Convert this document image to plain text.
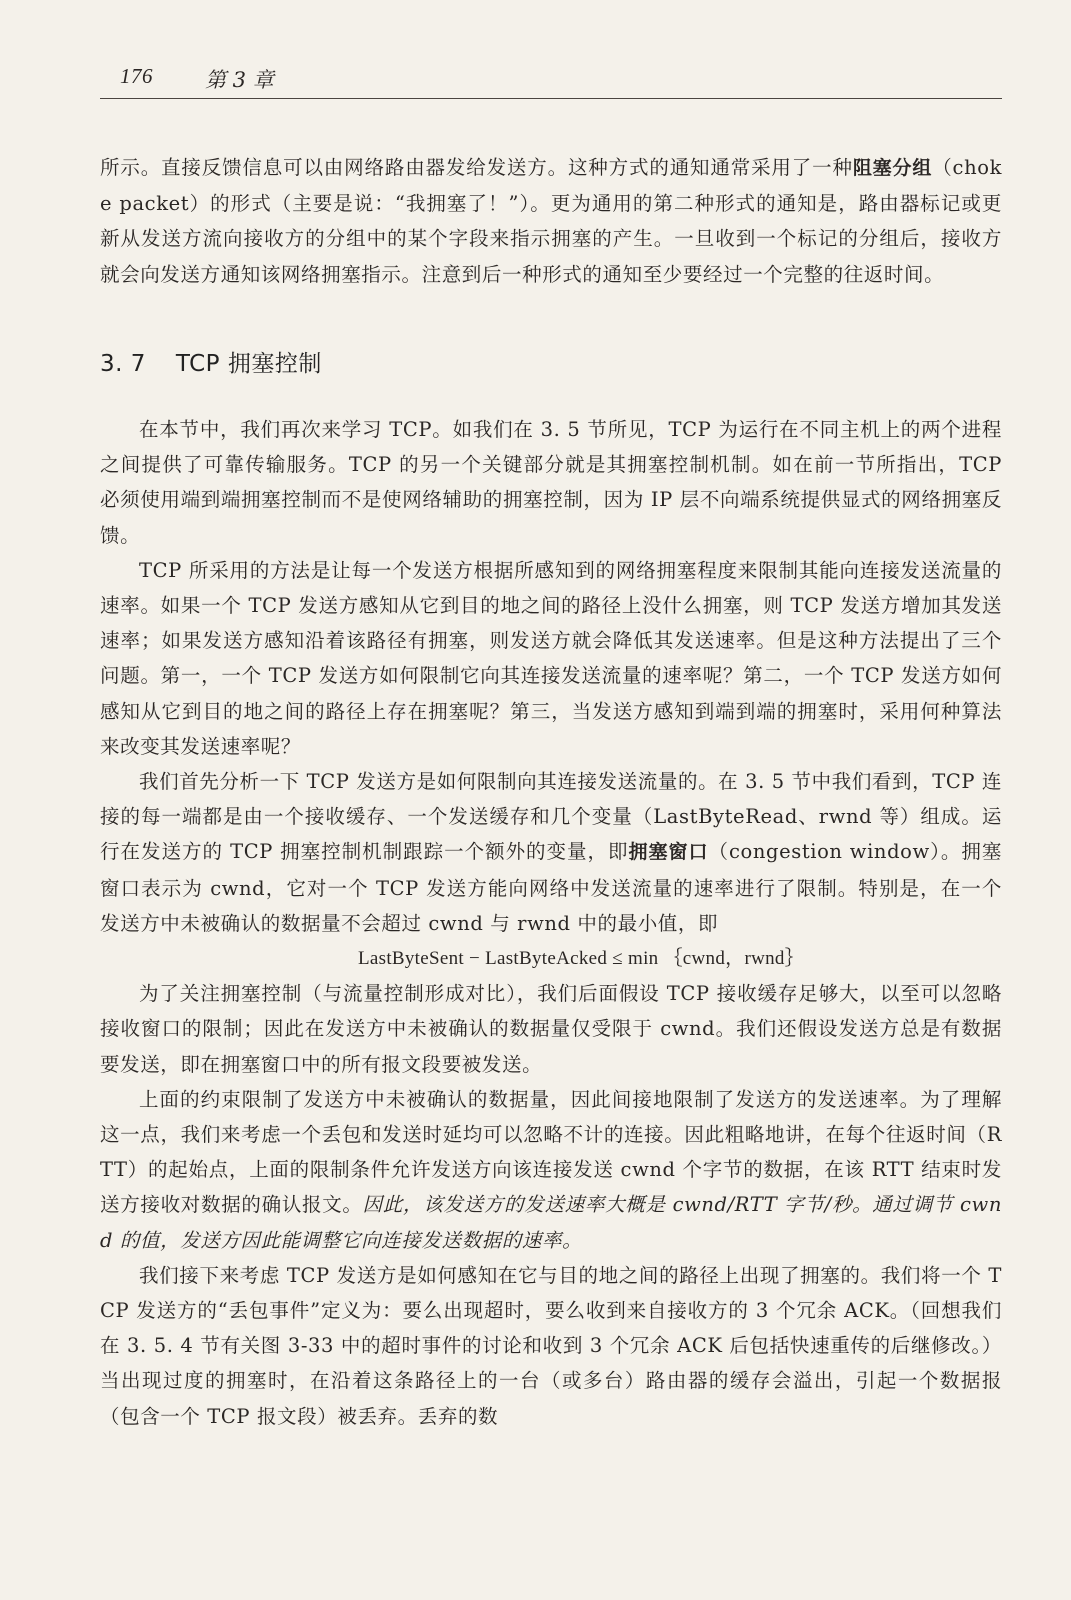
176 第 3 章

所示。直接反馈信息可以由网络路由器发给发送方。这种方式的通知通常采用了一种阻塞分组（choke packet）的形式（主要是说：“我拥塞了！”）。更为通用的第二种形式的通知是，路由器标记或更新从发送方流向接收方的分组中的某个字段来指示拥塞的产生。一旦收到一个标记的分组后，接收方就会向发送方通知该网络拥塞指示。注意到后一种形式的通知至少要经过一个完整的往返时间。

3. 7 TCP 拥塞控制

在本节中，我们再次来学习 TCP。如我们在 3. 5 节所见，TCP 为运行在不同主机上的两个进程之间提供了可靠传输服务。TCP 的另一个关键部分就是其拥塞控制机制。如在前一节所指出，TCP 必须使用端到端拥塞控制而不是使网络辅助的拥塞控制，因为 IP 层不向端系统提供显式的网络拥塞反馈。

TCP 所采用的方法是让每一个发送方根据所感知到的网络拥塞程度来限制其能向连接发送流量的速率。如果一个 TCP 发送方感知从它到目的地之间的路径上没什么拥塞，则 TCP 发送方增加其发送速率；如果发送方感知沿着该路径有拥塞，则发送方就会降低其发送速率。但是这种方法提出了三个问题。第一，一个 TCP 发送方如何限制它向其连接发送流量的速率呢？第二，一个 TCP 发送方如何感知从它到目的地之间的路径上存在拥塞呢？第三，当发送方感知到端到端的拥塞时，采用何种算法来改变其发送速率呢？

我们首先分析一下 TCP 发送方是如何限制向其连接发送流量的。在 3. 5 节中我们看到，TCP 连接的每一端都是由一个接收缓存、一个发送缓存和几个变量（LastByteRead、rwnd 等）组成。运行在发送方的 TCP 拥塞控制机制跟踪一个额外的变量，即拥塞窗口（congestion window）。拥塞窗口表示为 cwnd，它对一个 TCP 发送方能向网络中发送流量的速率进行了限制。特别是，在一个发送方中未被确认的数据量不会超过 cwnd 与 rwnd 中的最小值，即

LastByteSent − LastByteAcked ≤ min ｛cwnd，rwnd｝

为了关注拥塞控制（与流量控制形成对比），我们后面假设 TCP 接收缓存足够大，以至可以忽略接收窗口的限制；因此在发送方中未被确认的数据量仅受限于 cwnd。我们还假设发送方总是有数据要发送，即在拥塞窗口中的所有报文段要被发送。

上面的约束限制了发送方中未被确认的数据量，因此间接地限制了发送方的发送速率。为了理解这一点，我们来考虑一个丢包和发送时延均可以忽略不计的连接。因此粗略地讲，在每个往返时间（RTT）的起始点，上面的限制条件允许发送方向该连接发送 cwnd 个字节的数据，在该 RTT 结束时发送方接收对数据的确认报文。因此，该发送方的发送速率大概是 cwnd/RTT 字节/秒。通过调节 cwnd 的值，发送方因此能调整它向连接发送数据的速率。

我们接下来考虑 TCP 发送方是如何感知在它与目的地之间的路径上出现了拥塞的。我们将一个 TCP 发送方的“丢包事件”定义为：要么出现超时，要么收到来自接收方的 3 个冗余 ACK。（回想我们在 3. 5. 4 节有关图 3-33 中的超时事件的讨论和收到 3 个冗余 ACK 后包括快速重传的后继修改。）当出现过度的拥塞时，在沿着这条路径上的一台（或多台）路由器的缓存会溢出，引起一个数据报（包含一个 TCP 报文段）被丢弃。丢弃的数
